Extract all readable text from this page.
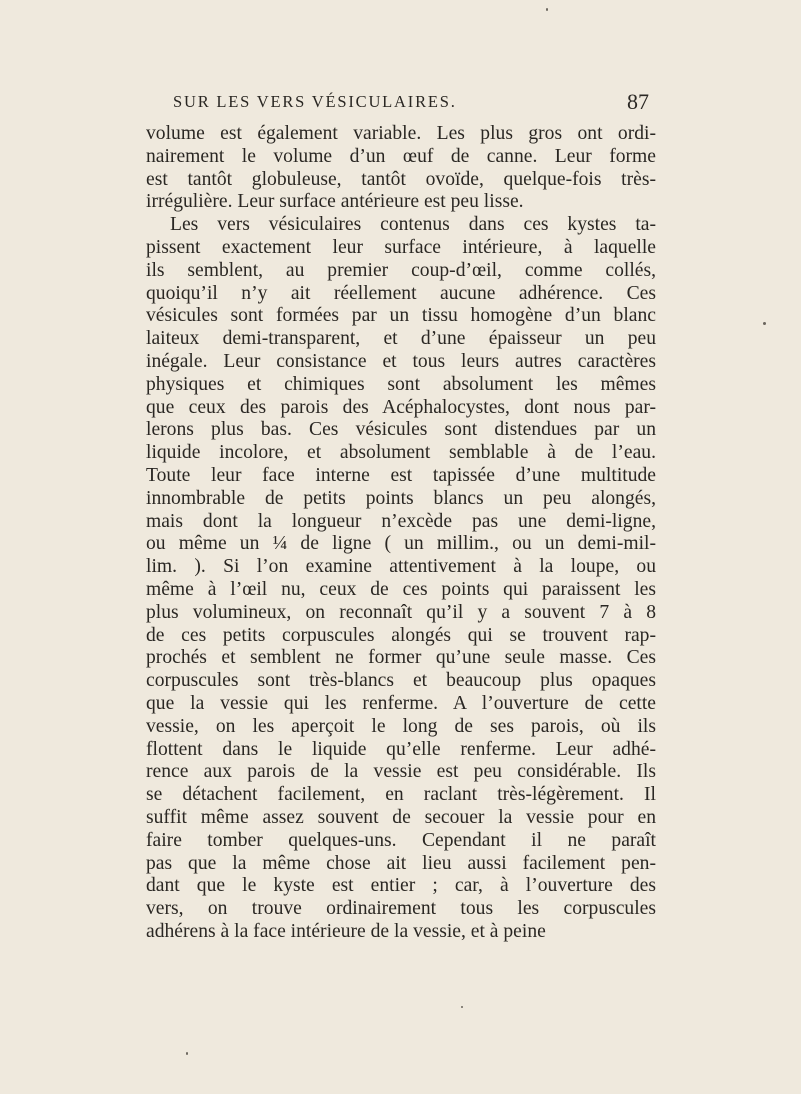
SUR LES VERS VÉSICULAIRES.	87
volume est également variable. Les plus gros ont ordi-
nairement le volume d’un œuf de canne. Leur forme
est tantôt globuleuse, tantôt ovoïde, quelque-fois très-
irrégulière. Leur surface antérieure est peu lisse.
Les vers vésiculaires contenus dans ces kystes ta-
pissent exactement leur surface intérieure, à laquelle
ils semblent, au premier coup-d’œil, comme collés,
quoiqu’il n’y ait réellement aucune adhérence. Ces
vésicules sont formées par un tissu homogène d’un blanc
laiteux demi-transparent, et d’une épaisseur un peu
inégale. Leur consistance et tous leurs autres caractères
physiques et chimiques sont absolument les mêmes
que ceux des parois des Acéphalocystes, dont nous par-
lerons plus bas. Ces vésicules sont distendues par un
liquide incolore, et absolument semblable à de l’eau.
Toute leur face interne est tapissée d’une multitude
innombrable de petits points blancs un peu alongés,
mais dont la longueur n’excède pas une demi-ligne,
ou même un ¼ de ligne ( un millim., ou un demi-mil-
lim. ). Si l’on examine attentivement à la loupe, ou
même à l’œil nu, ceux de ces points qui paraissent les
plus volumineux, on reconnaît qu’il y a souvent 7 à 8
de ces petits corpuscules alongés qui se trouvent rap-
prochés et semblent ne former qu’une seule masse. Ces
corpuscules sont très-blancs et beaucoup plus opaques
que la vessie qui les renferme. A l’ouverture de cette
vessie, on les aperçoit le long de ses parois, où ils
flottent dans le liquide qu’elle renferme. Leur adhé-
rence aux parois de la vessie est peu considérable. Ils
se détachent facilement, en raclant très-légèrement. Il
suffit même assez souvent de secouer la vessie pour en
faire tomber quelques-uns. Cependant il ne paraît
pas que la même chose ait lieu aussi facilement pen-
dant que le kyste est entier ; car, à l’ouverture des
vers, on trouve ordinairement tous les corpuscules
adhérens à la face intérieure de la vessie, et à peine
